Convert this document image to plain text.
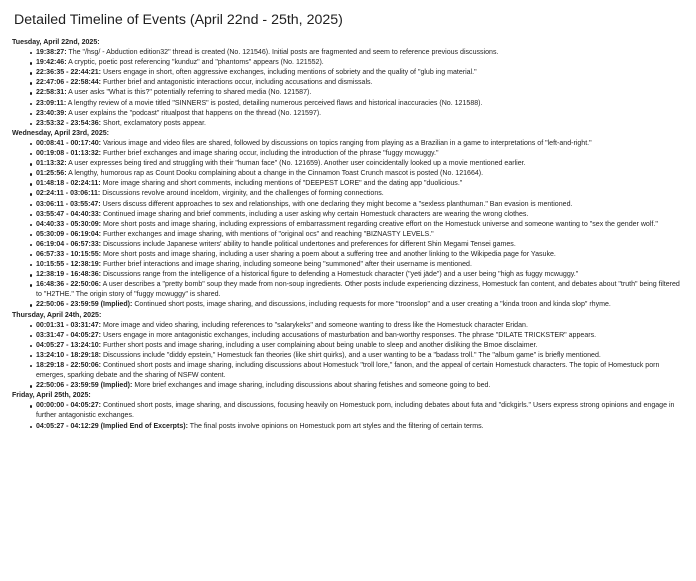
Detailed Timeline of Events (April 22nd - 25th, 2025)
Tuesday, April 22nd, 2025:
19:38:27: The "/hsg/ - Abduction edition32" thread is created (No. 121546). Initial posts are fragmented and seem to reference previous discussions.
19:42:46: A cryptic, poetic post referencing "kunduz" and "phantoms" appears (No. 121552).
22:36:35 - 22:44:21: Users engage in short, often aggressive exchanges, including mentions of sobriety and the quality of "glub ing material."
22:47:06 - 22:58:44: Further brief and antagonistic interactions occur, including accusations and dismissals.
22:58:31: A user asks "What is this?" potentially referring to shared media (No. 121587).
23:09:11: A lengthy review of a movie titled "SINNERS" is posted, detailing numerous perceived flaws and historical inaccuracies (No. 121588).
23:40:39: A user explains the "podcast" ritualpost that happens on the thread (No. 121597).
23:53:32 - 23:54:36: Short, exclamatory posts appear.
Wednesday, April 23rd, 2025:
00:08:41 - 00:17:40: Various image and video files are shared, followed by discussions on topics ranging from playing as a Brazilian in a game to interpretations of "left-and-right."
00:19:08 - 01:13:32: Further brief exchanges and image sharing occur, including the introduction of the phrase "fuggy mcwuggy."
01:13:32: A user expresses being tired and struggling with their "human face" (No. 121659). Another user coincidentally looked up a movie mentioned earlier.
01:25:56: A lengthy, humorous rap as Count Dooku complaining about a change in the Cinnamon Toast Crunch mascot is posted (No. 121664).
01:48:18 - 02:24:11: More image sharing and short comments, including mentions of "DEEPEST LORE" and the dating app "duolicious."
02:24:11 - 03:06:11: Discussions revolve around inceldom, virginity, and the challenges of forming connections.
03:06:11 - 03:55:47: Users discuss different approaches to sex and relationships, with one declaring they might become a "sexless planthuman." Ban evasion is mentioned.
03:55:47 - 04:40:33: Continued image sharing and brief comments, including a user asking why certain Homestuck characters are wearing the wrong clothes.
04:40:33 - 05:30:09: More short posts and image sharing, including expressions of embarrassment regarding creative effort on the Homestuck universe and someone wanting to "sex the gender wolf."
05:30:09 - 06:19:04: Further exchanges and image sharing, with mentions of "original ocs" and reaching "BIZNASTY LEVELS."
06:19:04 - 06:57:33: Discussions include Japanese writers' ability to handle political undertones and preferences for different Shin Megami Tensei games.
06:57:33 - 10:15:55: More short posts and image sharing, including a user sharing a poem about a suffering tree and another linking to the Wikipedia page for Yasuke.
10:15:55 - 12:38:19: Further brief interactions and image sharing, including someone being "summoned" after their username is mentioned.
12:38:19 - 16:48:36: Discussions range from the intelligence of a historical figure to defending a Homestuck character ("yeti jäde") and a user being "high as fuggy mcwuggy."
16:48:36 - 22:50:06: A user describes a "pretty bomb" soup they made from non-soup ingredients. Other posts include experiencing dizziness, Homestuck fan content, and debates about "truth" being filtered to "H2THE." The origin story of "fuggy mcwuggy" is shared.
22:50:06 - 23:59:59 (Implied): Continued short posts, image sharing, and discussions, including requests for more "troonslop" and a user creating a "kinda troon and kinda slop" rhyme.
Thursday, April 24th, 2025:
00:01:31 - 03:31:47: More image and video sharing, including references to "salarykeks" and someone wanting to dress like the Homestuck character Eridan.
03:31:47 - 04:05:27: Users engage in more antagonistic exchanges, including accusations of masturbation and ban-worthy responses. The phrase "DILATE TRICKSTER" appears.
04:05:27 - 13:24:10: Further short posts and image sharing, including a user complaining about being unable to sleep and another disliking the Bmoe disclaimer.
13:24:10 - 18:29:18: Discussions include "diddy epstein," Homestuck fan theories (like shirt quirks), and a user wanting to be a "badass troll." The "album game" is briefly mentioned.
18:29:18 - 22:50:06: Continued short posts and image sharing, including discussions about Homestuck "troll lore," fanon, and the appeal of certain Homestuck characters. The topic of Homestuck porn emerges, sparking debate and the sharing of NSFW content.
22:50:06 - 23:59:59 (Implied): More brief exchanges and image sharing, including discussions about sharing fetishes and someone going to bed.
Friday, April 25th, 2025:
00:00:00 - 04:05:27: Continued short posts, image sharing, and discussions, focusing heavily on Homestuck porn, including debates about futa and "dickgirls." Users express strong opinions and engage in further antagonistic exchanges.
04:05:27 - 04:12:29 (Implied End of Excerpts): The final posts involve opinions on Homestuck porn art styles and the filtering of certain terms.
